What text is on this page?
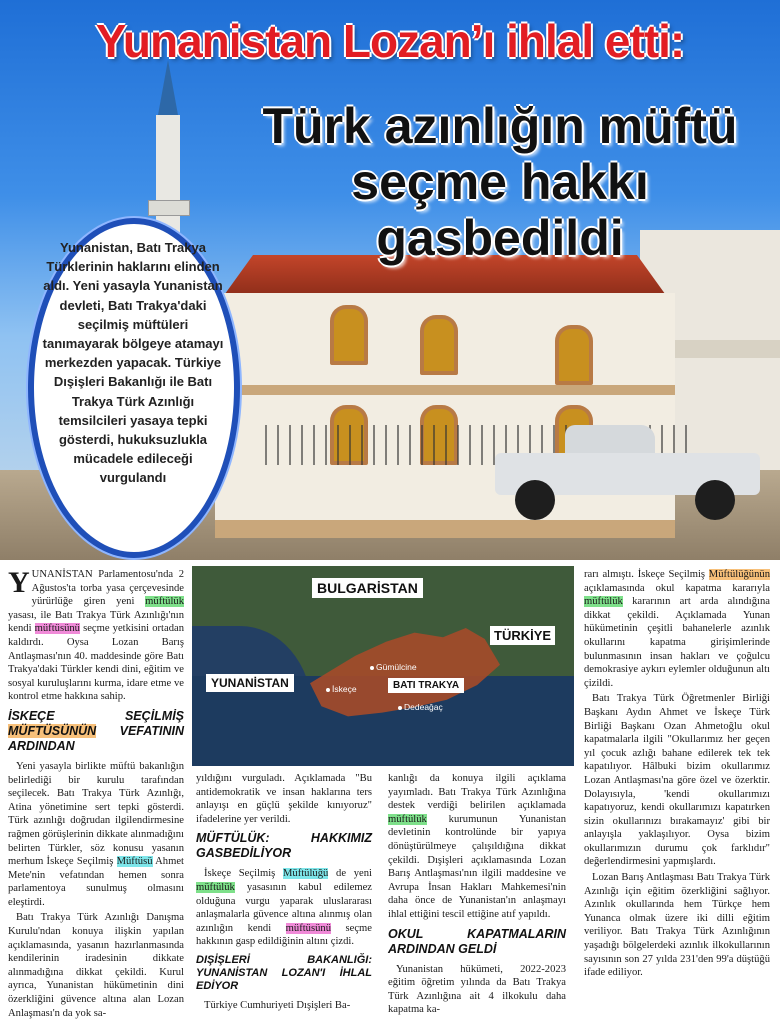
Yunanistan Lozan’ı ihlal etti:
Türk azınlığın müftü
seçme hakkı gasbedildi

Yunanistan, Batı Trakya Türklerinin haklarını elinden aldı. Yeni yasayla Yunanistan devleti, Batı Trakya'daki seçilmiş müftüleri tanımayarak bölgeye atamayı merkezden yapacak. Türkiye Dışişleri Bakanlığı ile Batı Trakya Türk Azınlığı temsilcileri yasaya tepki gösterdi, hukuksuzlukla mücadele edileceği vurgulandı

YUNANİSTAN Parlamentosu'nda 2 Ağustos'ta torba yasa çerçevesinde yürürlüğe giren yeni müftülük yasası, ile Batı Trakya Türk Azınlığı'nın kendi müftüsünü seçme yetkisini ortadan kaldırdı. Oysa Lozan Barış Antlaşması'nın 40. maddesinde göre Batı Trakya'daki Türkler kendi dini, eğitim ve sosyal kuruluşlarını kurma, idare etme ve kontrol etme hakkına sahip.

İSKEÇE SEÇİLMİŞ MÜFTÜSÜNÜN VEFATININ ARDINDAN

Yeni yasayla birlikte müftü bakanlığın belirlediği bir kurulu tarafından seçilecek. Batı Trakya Türk Azınlığı, Atina yönetimine sert tepki gösterdi. Türk azınlığı doğrudan ilgilendirmesine rağmen görüşlerinin dikkate alınmadığını belirten Türkler, söz konusu yasanın merhum İskeçe Seçilmiş Müftüsü Ahmet Mete'nin vefatından hemen sonra parlamentoya sunulmuş olmasını eleştirdi.

Batı Trakya Türk Azınlığı Danışma Kurulu'ndan konuya ilişkin yapılan açıklamasında, yasanın hazırlanmasında kendilerinin iradesinin dikkate alınmadığına dikkat çekildi. Kurul ayrıca, Yunanistan hükümetinin dini özerkliğini güvence altına alan Lozan Anlaşması'n da yok sa-

BULGARİSTAN
YUNANİSTAN
TÜRKİYE
BATI TRAKYA
Gümülcine
İskeçe
Dedeağaç

yıldığını vurguladı. Açıklamada "Bu antidemokratik ve insan haklarına ters anlayışı en güçlü şekilde kınıyoruz" ifadelerine yer verildi.

MÜFTÜLÜK: HAKKIMIZ GASBEDİLİYOR

İskeçe Seçilmiş Müftülüğü de yeni müftülük yasasının kabul edilemez olduğuna vurgu yaparak uluslararası anlaşmalarla güvence altına alınmış olan azınlığın kendi müftüsünü seçme hakkının gasp edildiğinin altını çizdi.

DIŞİŞLERİ BAKANLIĞI: YUNANİSTAN LOZAN'I İHLAL EDİYOR

Türkiye Cumhuriyeti Dışişleri Ba-

kanlığı da konuya ilgili açıklama yayımladı. Batı Trakya Türk Azınlığına destek verdiği belirilen açıklamada müftülük kurumunun Yunanistan devletinin kontrolünde bir yapıya dönüştürülmeye çalışıldığına dikkat çekildi. Dışişleri açıklamasında Lozan Barış Antlaşması'nın ilgili maddesine ve Avrupa İnsan Hakları Mahkemesi'nin daha önce de Yunanistan'ın anlaşmayı ihlal ettiğini tescil ettiğine atıf yapıldı.

OKUL KAPATMALARIN ARDINDAN GELDİ

Yunanistan hükümeti, 2022-2023 eğitim öğretim yılında da Batı Trakya Türk Azınlığına ait 4 ilkokulu daha kapatma ka-

rarı almıştı. İskeçe Seçilmiş Müftülüğünün açıklamasında okul kapatma kararıyla müftülük kararının art arda alındığına dikkat çekildi. Açıklamada Yunan hükümetinin çeşitli bahanelerle azınlık okullarını kapatma girişimlerinde bulunmasının insan hakları ve çoğulcu demokrasiye aykırı eylemler olduğunun altı çizildi.

Batı Trakya Türk Öğretmenler Birliği Başkanı Aydın Ahmet ve İskeçe Türk Birliği Başkanı Ozan Ahmetoğlu okul kapatmalarla ilgili "Okullarımız her geçen yıl çocuk azlığı bahane edilerek tek tek kapatılıyor. Hâlbuki bizim okullarımız Lozan Antlaşması'na göre özel ve özerktir. Dolayısıyla, 'kendi okullarımızı kapatıyoruz, kendi okullarımızı kapatırken sizin okullarınızı bırakamayız' gibi bir anlayışla yaklaşılıyor. Oysa bizim okullarımızın durumu çok farklıdır" değerlendirmesini yapmışlardı.

Lozan Barış Antlaşması Batı Trakya Türk Azınlığı için eğitim özerkliğini sağlıyor. Azınlık okullarında hem Türkçe hem Yunanca olmak üzere iki dilli eğitim veriliyor. Batı Trakya Türk Azınlığının yaşadığı bölgelerdeki azınlık ilkokullarının sayısının son 27 yılda 231'den 99'a düştüğü ifade ediliyor.
